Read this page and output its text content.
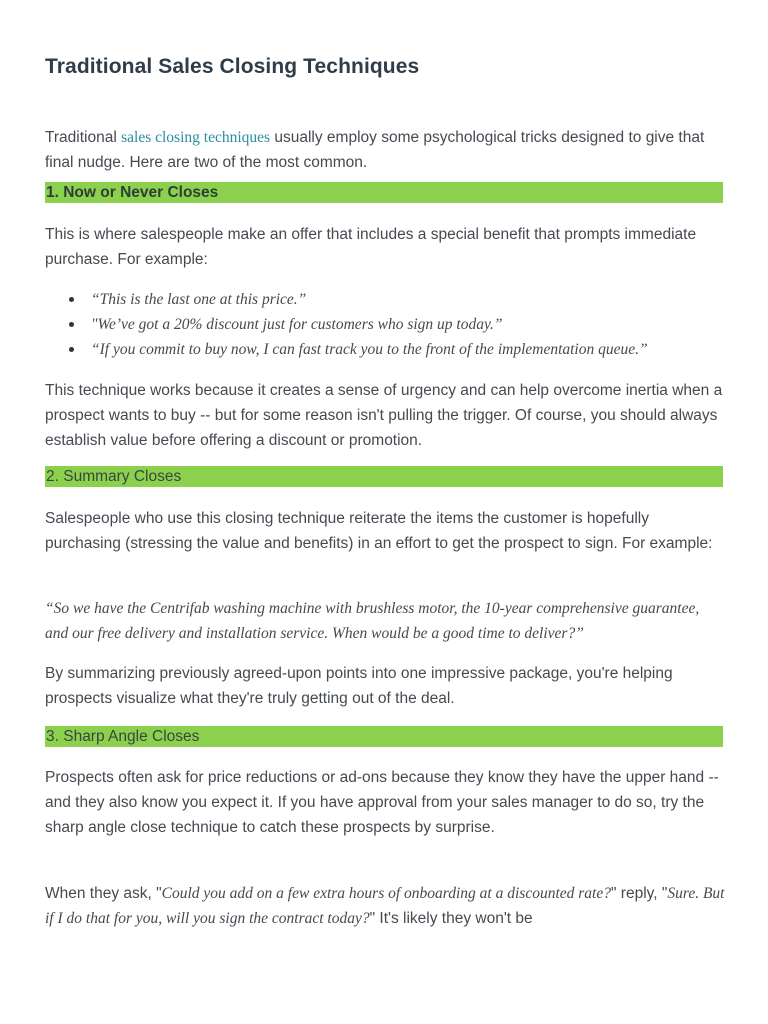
Traditional Sales Closing Techniques

Traditional sales closing techniques usually employ some psychological tricks designed to give that final nudge. Here are two of the most common.

1. Now or Never Closes

This is where salespeople make an offer that includes a special benefit that prompts immediate purchase. For example:

“This is the last one at this price.”
"We’ve got a 20% discount just for customers who sign up today.”
“If you commit to buy now, I can fast track you to the front of the implementation queue.”

This technique works because it creates a sense of urgency and can help overcome inertia when a prospect wants to buy -- but for some reason isn't pulling the trigger. Of course, you should always establish value before offering a discount or promotion.

2. Summary Closes

Salespeople who use this closing technique reiterate the items the customer is hopefully purchasing (stressing the value and benefits) in an effort to get the prospect to sign. For example:

“So we have the Centrifab washing machine with brushless motor, the 10-year comprehensive guarantee, and our free delivery and installation service. When would be a good time to deliver?”

By summarizing previously agreed-upon points into one impressive package, you're helping prospects visualize what they're truly getting out of the deal.

3. Sharp Angle Closes

Prospects often ask for price reductions or ad-ons because they know they have the upper hand -- and they also know you expect it. If you have approval from your sales manager to do so, try the sharp angle close technique to catch these prospects by surprise.

When they ask, "Could you add on a few extra hours of onboarding at a discounted rate?" reply, "Sure. But if I do that for you, will you sign the contract today?" It's likely they won't be
